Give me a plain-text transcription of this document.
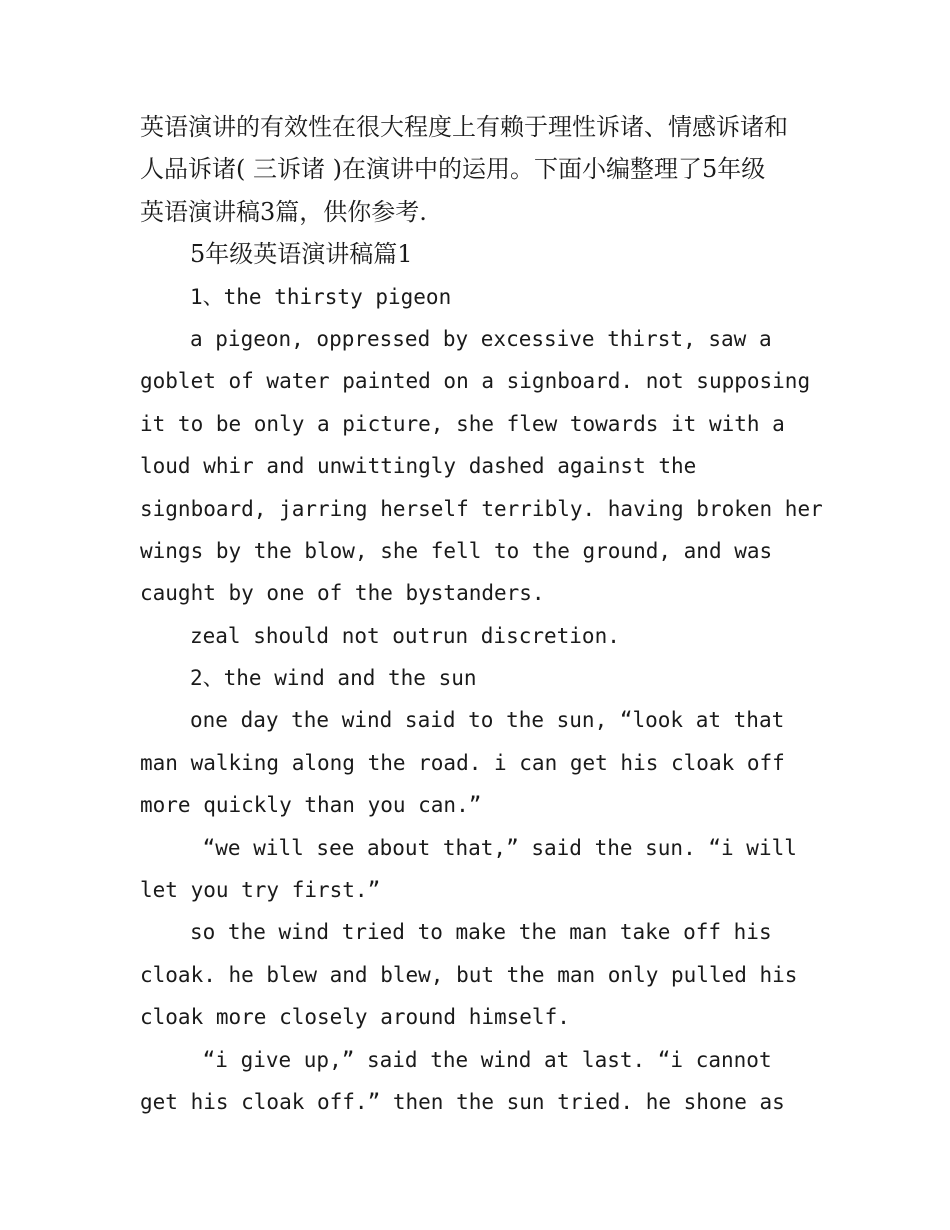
英语演讲的有效性在很大程度上有赖于理性诉诸、情感诉诸和
人品诉诸( 三诉诸 )在演讲中的运用。下面小编整理了5年级
英语演讲稿3篇，供你参考.
5年级英语演讲稿篇1
1、the thirsty pigeon
a pigeon, oppressed by excessive thirst, saw a
goblet of water painted on a signboard. not supposing
it to be only a picture, she flew towards it with a
loud whir and unwittingly dashed against the
signboard, jarring herself terribly. having broken her
wings by the blow, she fell to the ground, and was
caught by one of the bystanders.
zeal should not outrun discretion.
2、the wind and the sun
one day the wind said to the sun, “look at that
man walking along the road. i can get his cloak off
more quickly than you can.”
“we will see about that,” said the sun. “i will
let you try first.”
so the wind tried to make the man take off his
cloak. he blew and blew, but the man only pulled his
cloak more closely around himself.
“i give up,” said the wind at last. “i cannot
get his cloak off.” then the sun tried. he shone as
